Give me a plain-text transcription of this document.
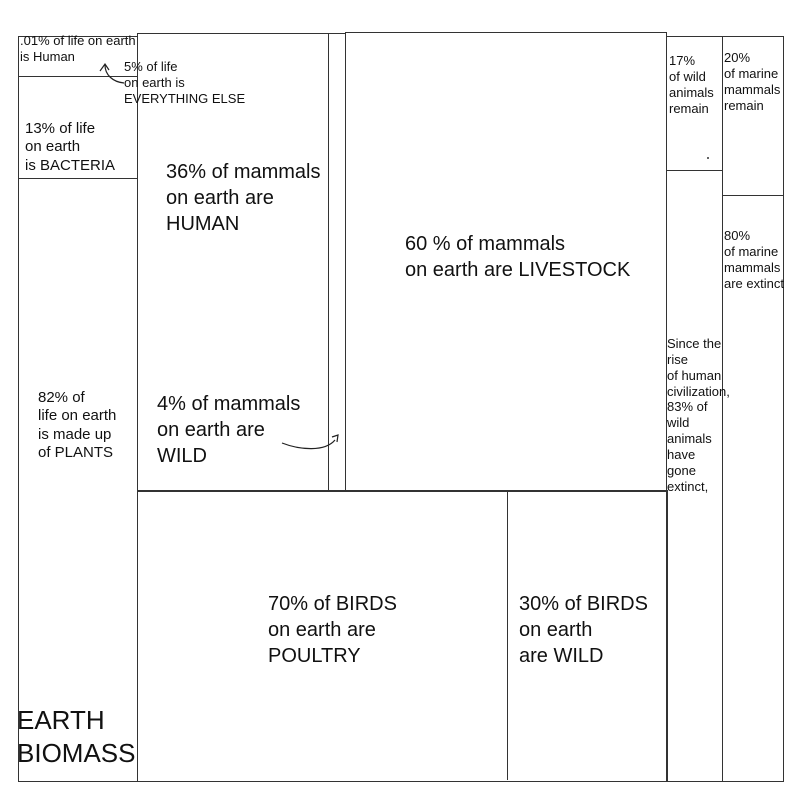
.01% of life on earth
is Human
5% of life
on earth is
EVERYTHING ELSE
13% of life
on earth
is BACTERIA
82% of
life on earth
is made up
of PLANTS
EARTH
BIOMASS
36% of mammals
on earth are
HUMAN
4% of mammals
on earth are
WILD
60 % of mammals
on earth are LIVESTOCK
70% of BIRDS
on earth are
POULTRY
30% of BIRDS
on earth
are WILD
17%
of wild
animals
remain
Since the
rise
of human
civilization,
83% of
wild
animals
have
gone
extinct,
20%
of marine
mammals
remain
80%
of marine
mammals
are extinct
